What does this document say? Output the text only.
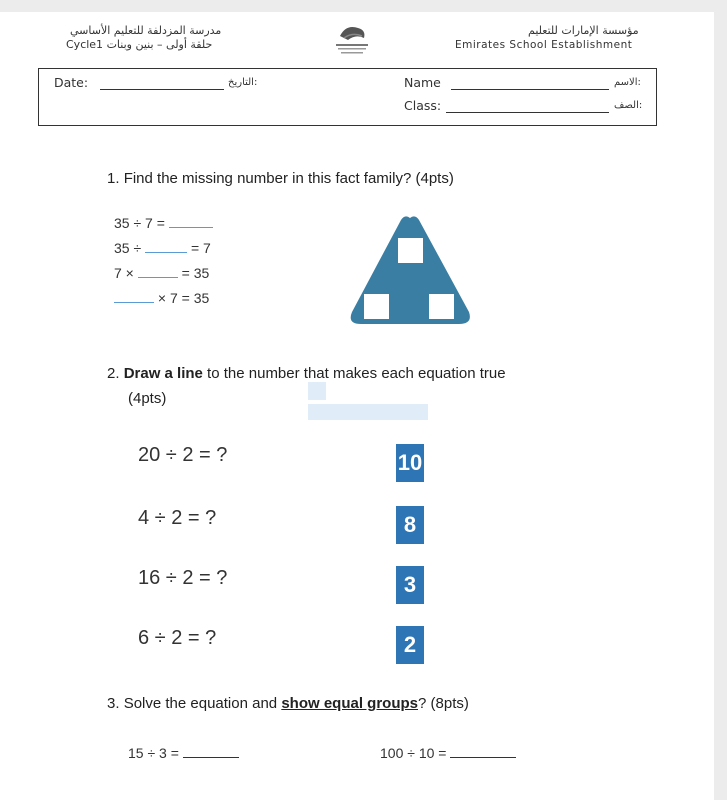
مدرسة المزدلفة للتعليم الأساسي
Cycle1 حلقة أولى – بنين وبنات
مؤسسة الإمارات للتعليم
Emirates School Establishment
Date:	التاريخ:	Name	الاسم:
Class:	الصف:
1. Find the missing number in this fact family? (4pts)
35 ÷ 7 =
35 ÷	= 7
7 ×	= 35
× 7 = 35
2. Draw a line to the number that makes each equation true
(4pts)
20 ÷ 2 = ?
4 ÷ 2 = ?
16 ÷ 2 = ?
6 ÷ 2 = ?
10
8
3
2
3. Solve the equation and show equal groups? (8pts)
15 ÷ 3 =	100 ÷ 10 =
